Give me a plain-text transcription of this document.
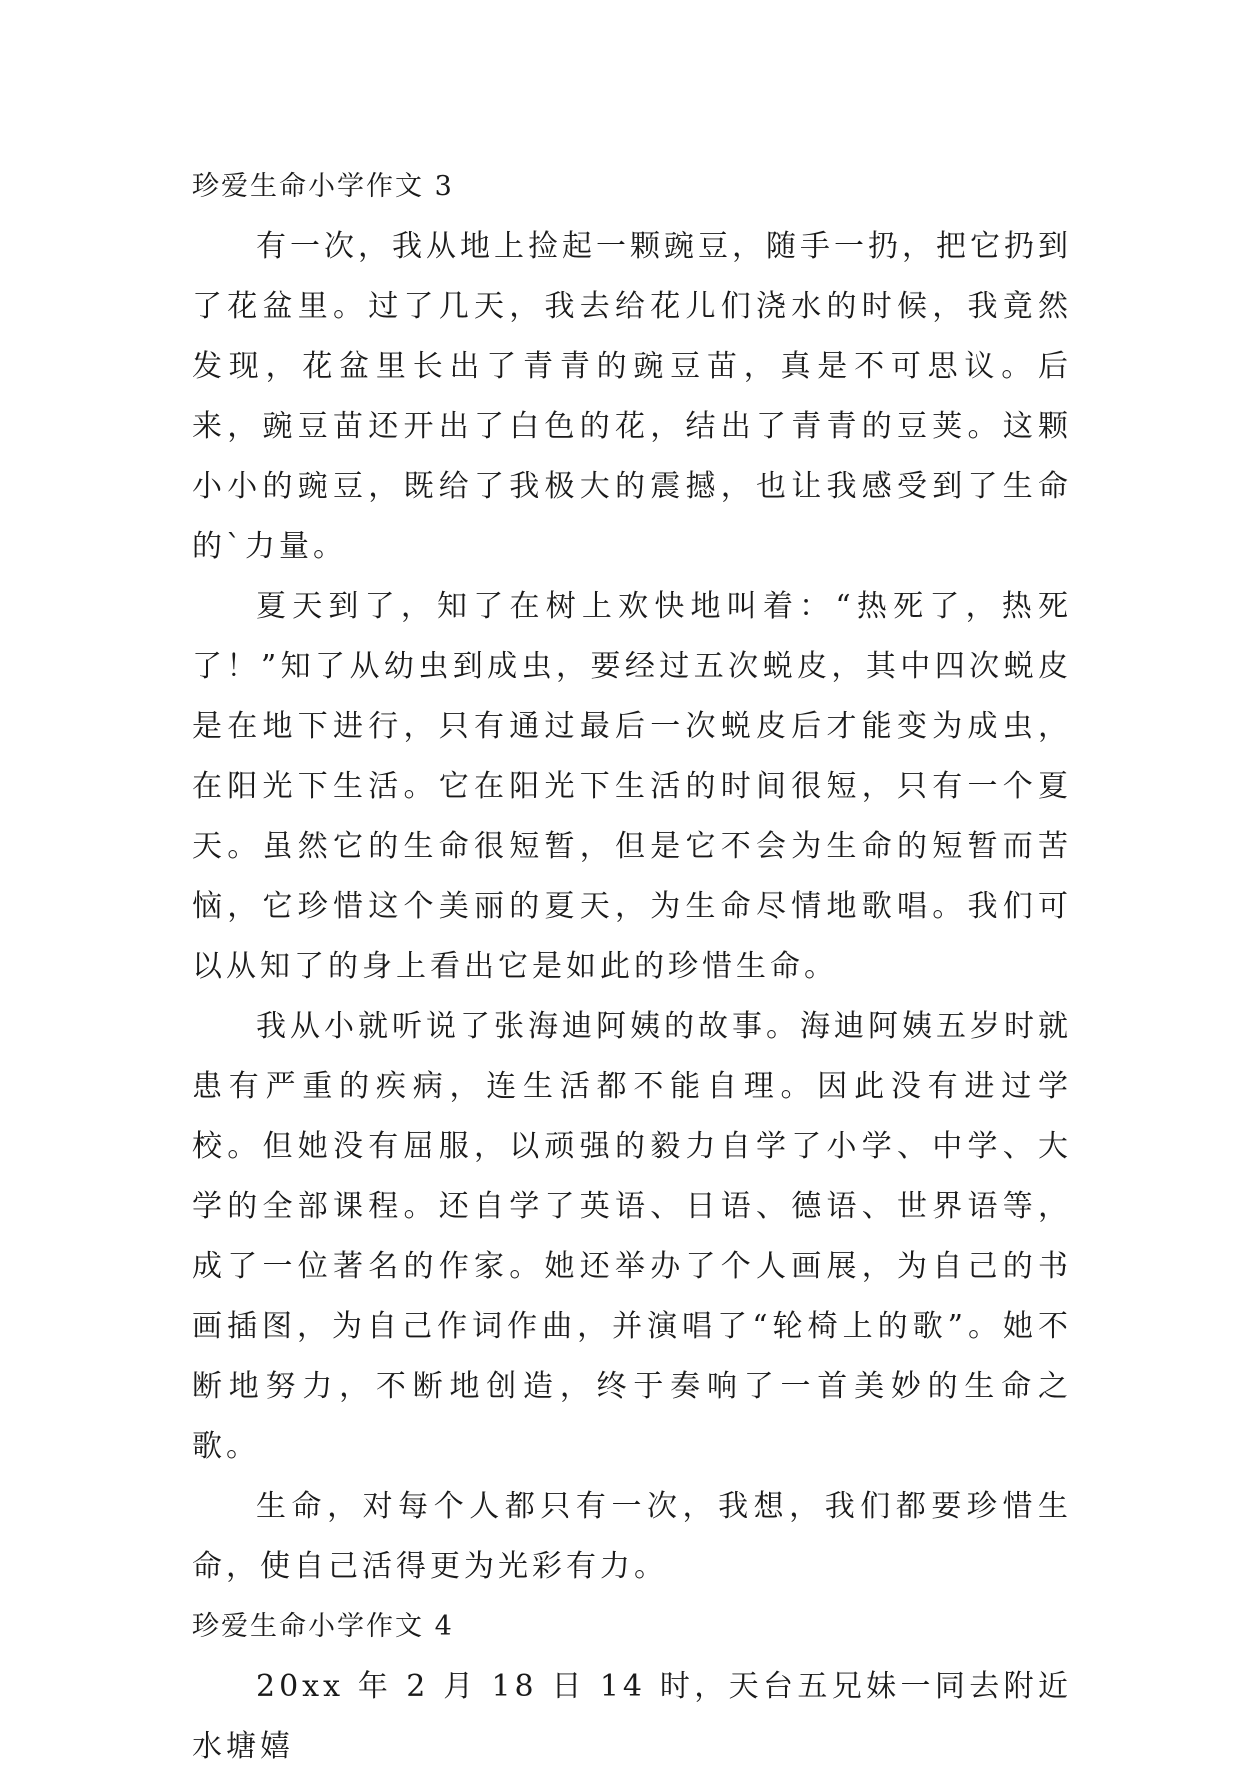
珍爱生命小学作文 3

有一次，我从地上捡起一颗豌豆，随手一扔，把它扔到了花盆里。过了几天，我去给花儿们浇水的时候，我竟然发现，花盆里长出了青青的豌豆苗，真是不可思议。后来，豌豆苗还开出了白色的花，结出了青青的豆荚。这颗小小的豌豆，既给了我极大的震撼，也让我感受到了生命的`力量。

夏天到了，知了在树上欢快地叫着：“热死了，热死了！”知了从幼虫到成虫，要经过五次蜕皮，其中四次蜕皮是在地下进行，只有通过最后一次蜕皮后才能变为成虫，在阳光下生活。它在阳光下生活的时间很短，只有一个夏天。虽然它的生命很短暂，但是它不会为生命的短暂而苦恼，它珍惜这个美丽的夏天，为生命尽情地歌唱。我们可以从知了的身上看出它是如此的珍惜生命。

我从小就听说了张海迪阿姨的故事。海迪阿姨五岁时就患有严重的疾病，连生活都不能自理。因此没有进过学校。但她没有屈服，以顽强的毅力自学了小学、中学、大学的全部课程。还自学了英语、日语、德语、世界语等，成了一位著名的作家。她还举办了个人画展，为自己的书画插图，为自己作词作曲，并演唱了“轮椅上的歌”。她不断地努力，不断地创造，终于奏响了一首美妙的生命之歌。

生命，对每个人都只有一次，我想，我们都要珍惜生命，使自己活得更为光彩有力。

珍爱生命小学作文 4

20xx 年 2 月 18 日 14 时，天台五兄妹一同去附近水塘嬉
